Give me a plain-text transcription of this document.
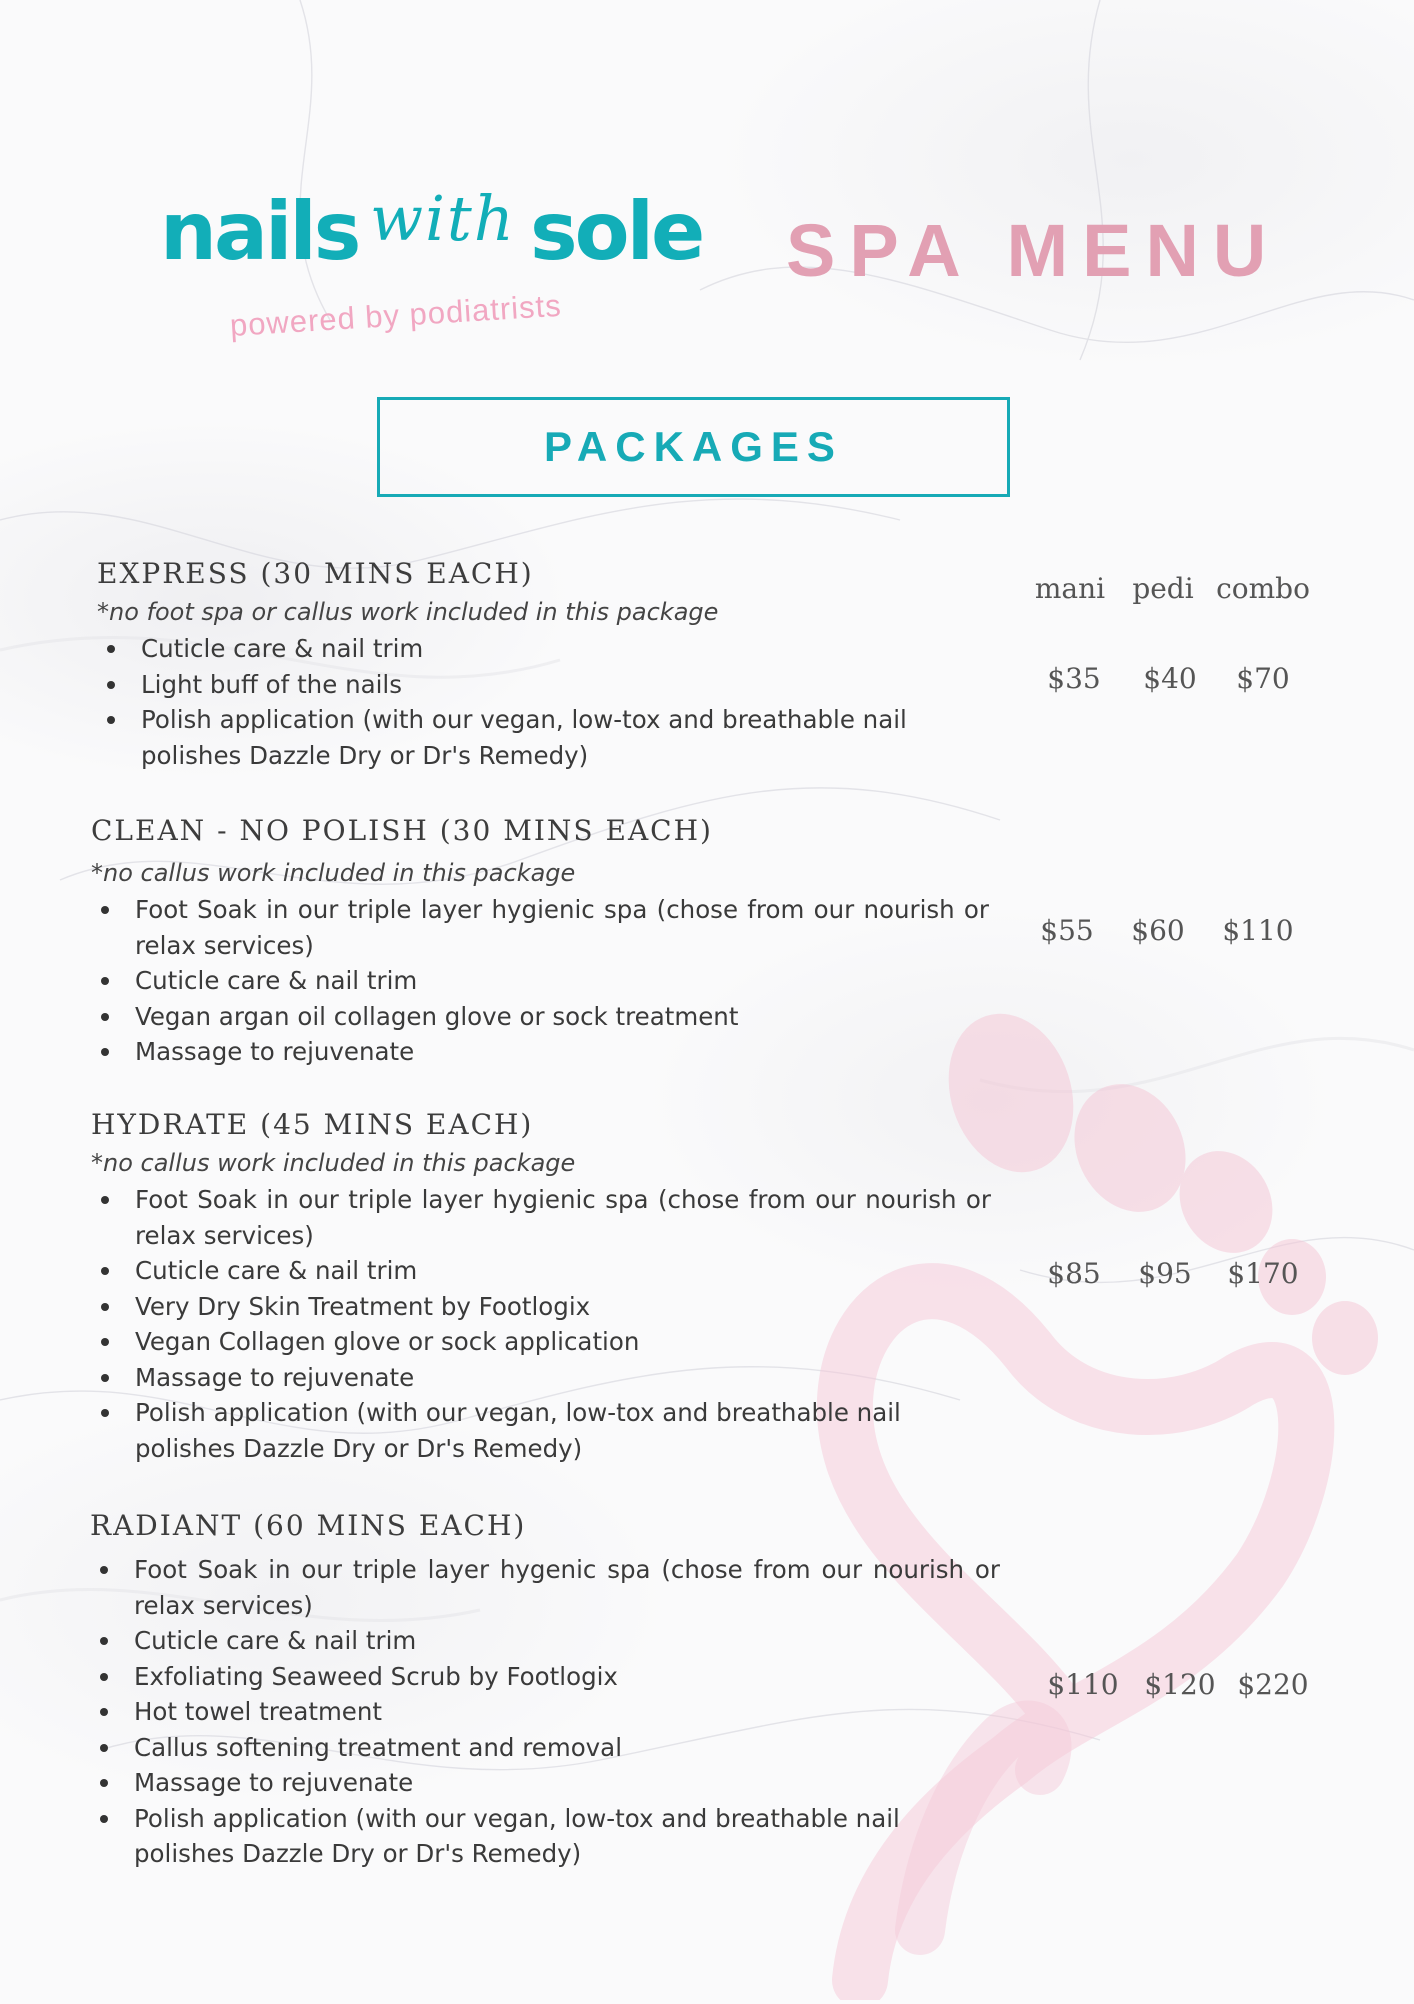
nails with sole
powered by podiatrists
SPA MENU
PACKAGES

EXPRESS (30 MINS EACH)

*no foot spa or callus work included in this package

Cuticle care & nail trim
Light buff of the nails
Polish application (with our vegan, low-tox and breathable nail polishes Dazzle Dry or Dr's Remedy)
mani pedi combo
$35	$40	$70

CLEAN - NO POLISH (30 MINS EACH)

*no callus work included in this package

Foot Soak in our triple layer hygienic spa (chose from our nourish or relax services)
Cuticle care & nail trim
Vegan argan oil collagen glove or sock treatment
Massage to rejuvenate
$55	$60	$110

HYDRATE (45 MINS EACH)

*no callus work included in this package

Foot Soak in our triple layer hygienic spa (chose from our nourish or relax services)
Cuticle care & nail trim
Very Dry Skin Treatment by Footlogix
Vegan Collagen glove or sock application
Massage to rejuvenate
Polish application (with our vegan, low-tox and breathable nail polishes Dazzle Dry or Dr's Remedy)
$85	$95	$170

RADIANT (60 MINS EACH)

Foot Soak in our triple layer hygenic spa (chose from our nourish or relax services)
Cuticle care & nail trim
Exfoliating Seaweed Scrub by Footlogix
Hot towel treatment
Callus softening treatment and removal
Massage to rejuvenate
Polish application (with our vegan, low-tox and breathable nail polishes Dazzle Dry or Dr's Remedy)
$110 $120 $220
